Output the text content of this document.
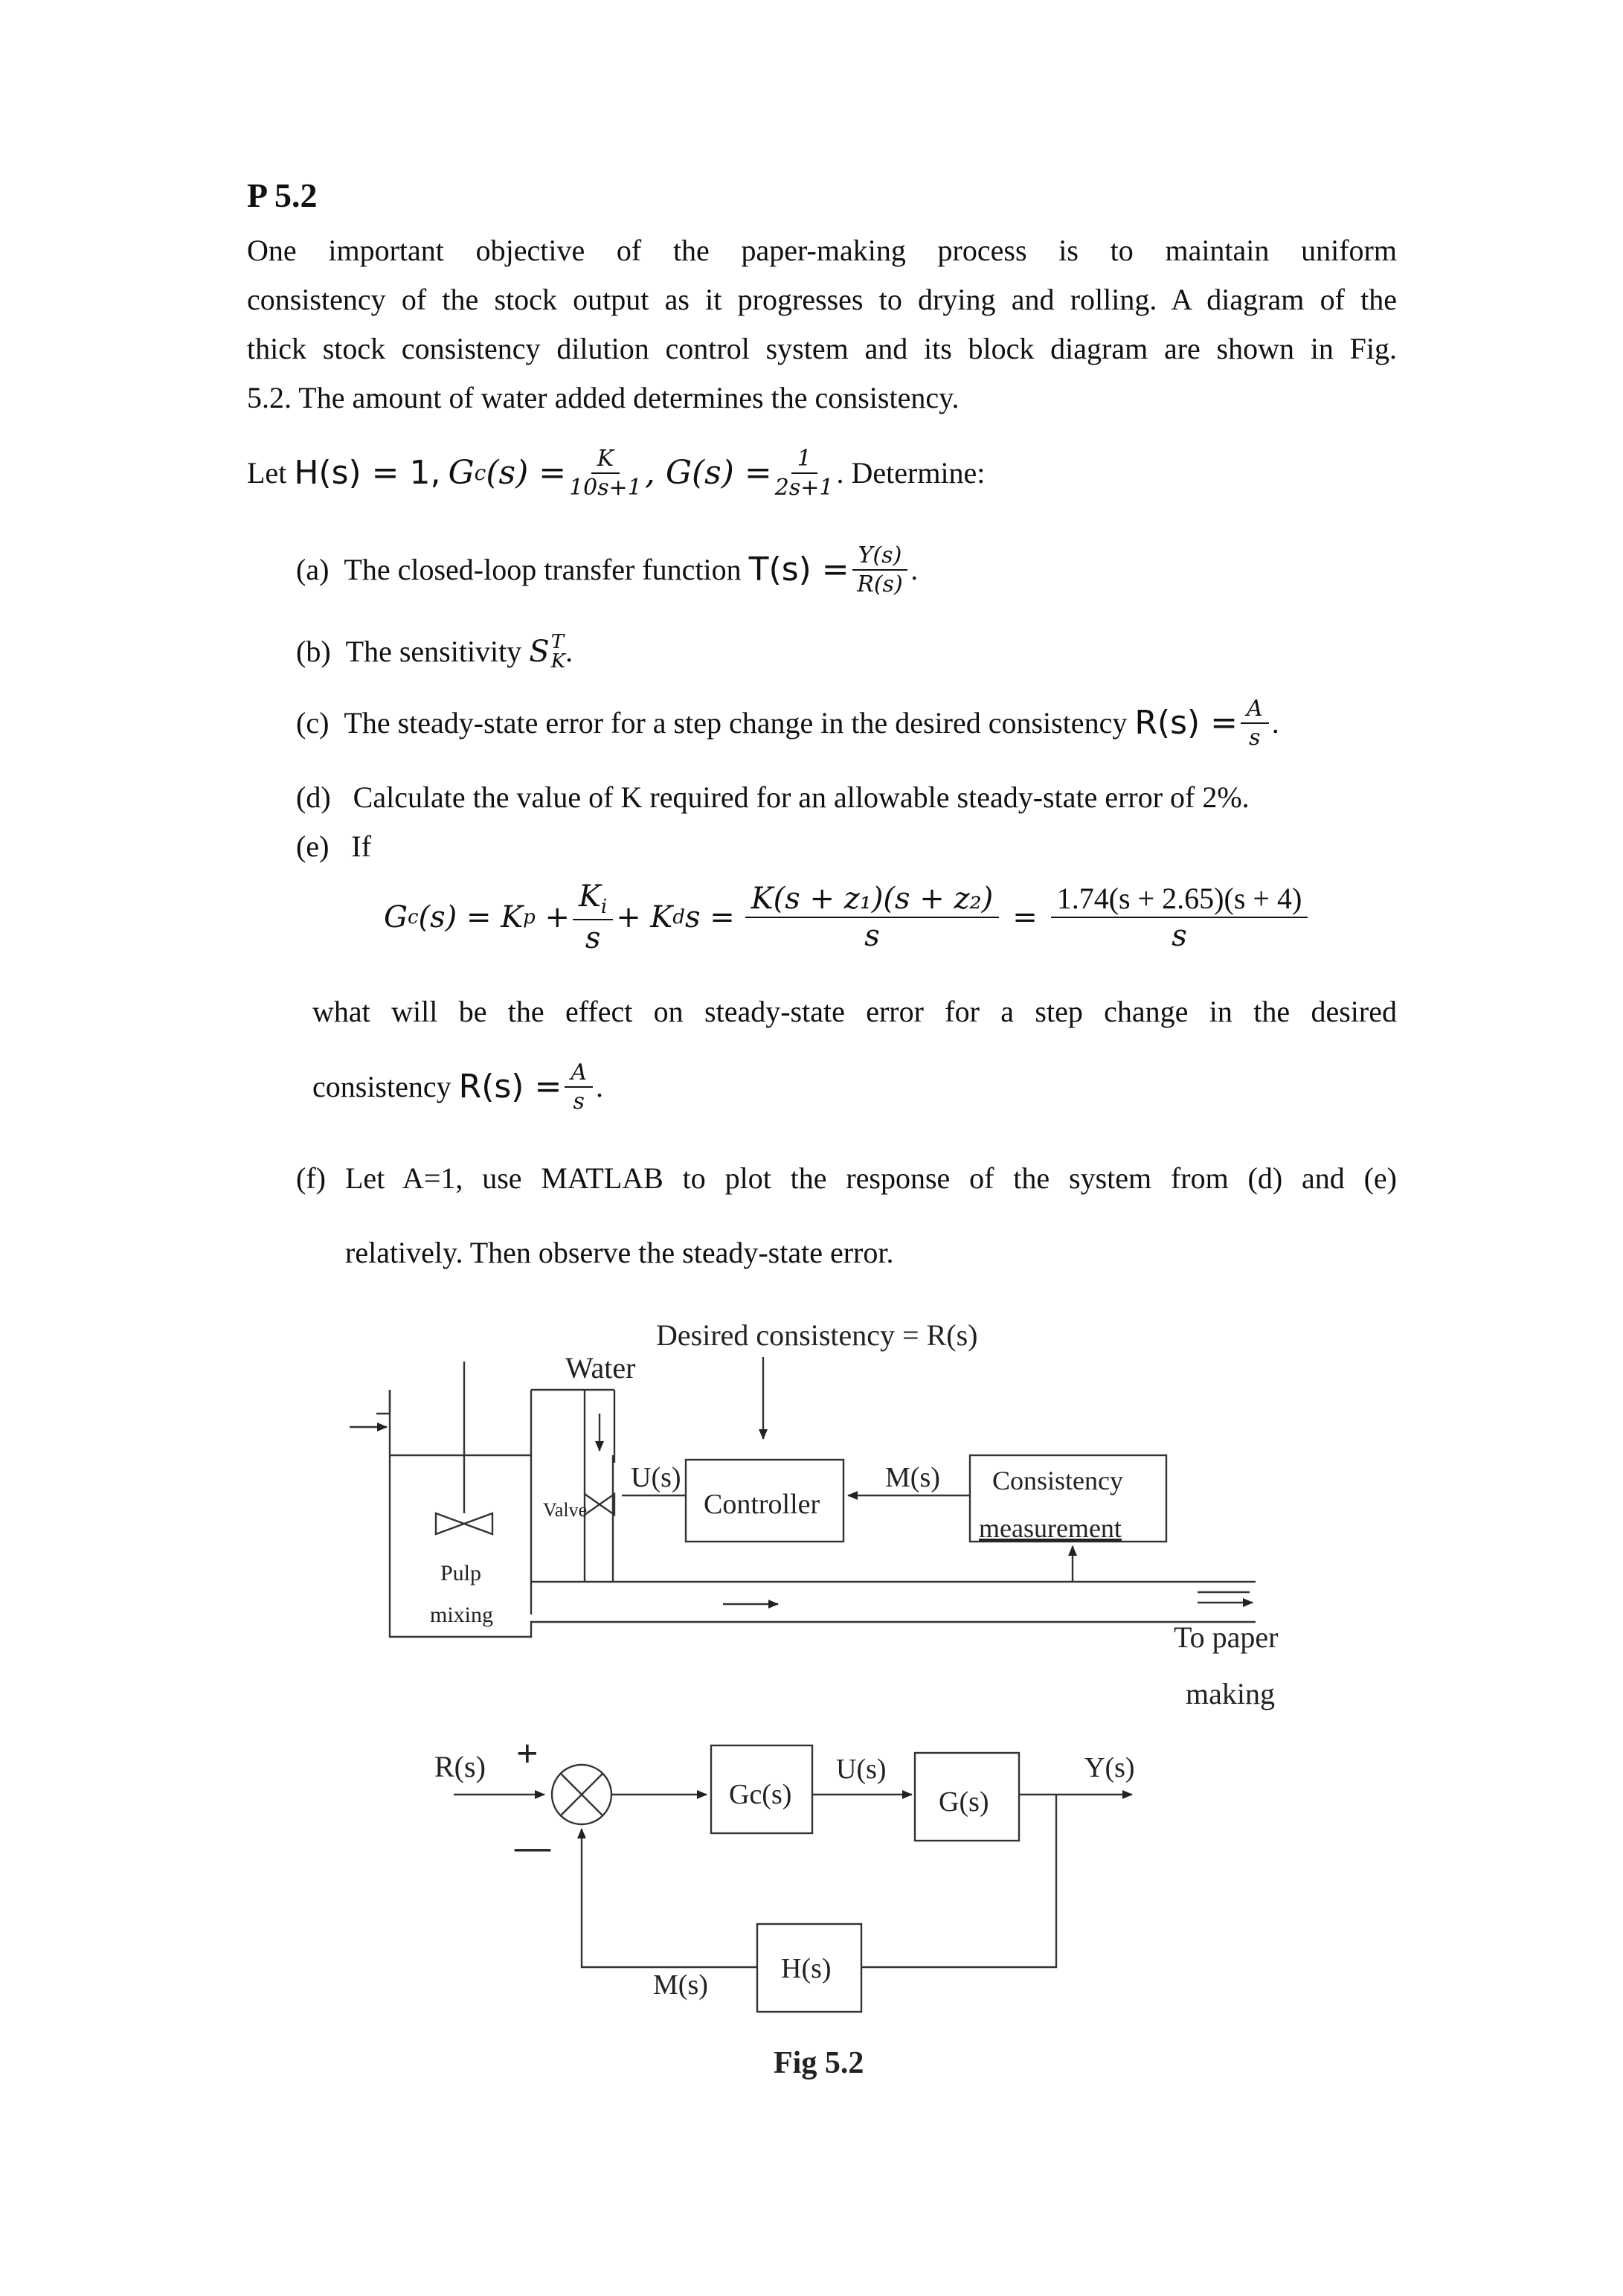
P 5.2
One important objective of the paper-making process is to maintain uniform
consistency of the stock output as it progresses to drying and rolling. A diagram of the
thick stock consistency dilution control system and its block diagram are shown in Fig.
5.2. The amount of water added determines the consistency.
Let
H(s) = 1,
G c $(s) = \frac{K}{10s+1}$ , $G(s) = \frac{1}{2s+1}$ . Determine:
(a)
The closed-loop transfer function
$T(s) = \frac{Y(s)}{R(s)}$ .
(b)
The sensitivity
S T
K .
(c)
The steady-state error for a step change in the desired consistency
$R(s) = \frac{A}{s}$ .
(d) Calculate the value of K required for an allowable steady-state error of 2%.
(e) If
G c (s) = K p
+ $\frac{K_i}{s} + K$ d $s = \frac{\text{K(s + z₁)(s + z₂)}}{s} = \frac{1.74(s + 2.65)(s + 4)}{s}$
what will be the effect on steady-state error for a step change in the desired
consistency
$R(s) = \frac{A}{s}$ .
(f) Let A=1, use MATLAB to plot the response of the system from (d) and (e)
relatively. Then observe the steady-state error.
Desired consistency = R(s)
Water
Valve
U(s)
Controller
M(s) Consistency
measurement
Pulp
mixing
To paper
making
R(s) +
—
Gc(s)
U(s)
G(s)
Y(s)
H(s)
M(s)
Fig 5.2
